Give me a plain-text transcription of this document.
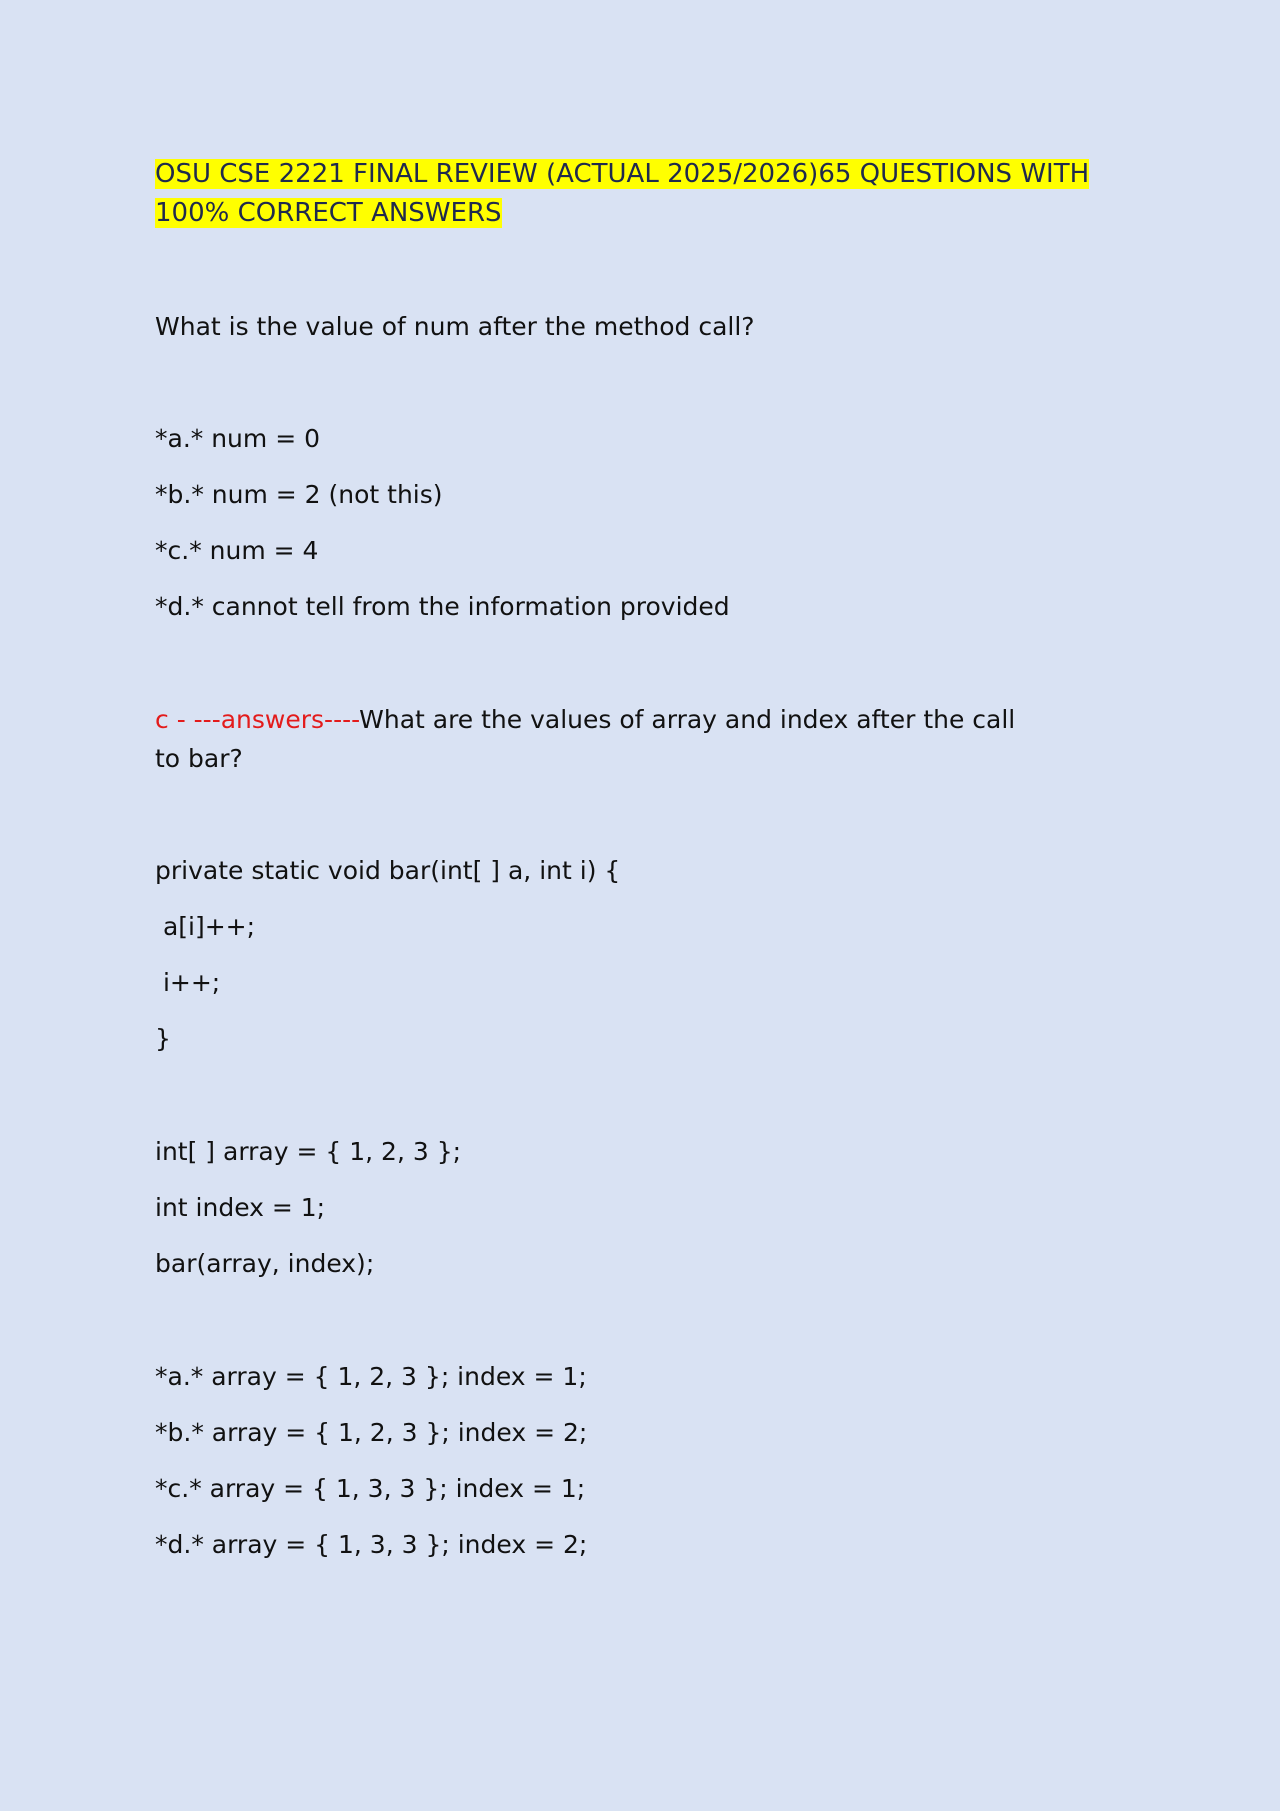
OSU CSE 2221 FINAL REVIEW (ACTUAL 2025/2026)65 QUESTIONS WITH
100% CORRECT ANSWERS
What is the value of num after the method call?
*a.* num = 0
*b.* num = 2 (not this)
*c.* num = 4
*d.* cannot tell from the information provided
c - ---answers----What are the values of array and index after the call
to bar?
private static void bar(int[ ] a, int i) {
a[i]++;
i++;
}
int[ ] array = { 1, 2, 3 };
int index = 1;
bar(array, index);
*a.* array = { 1, 2, 3 }; index = 1;
*b.* array = { 1, 2, 3 }; index = 2;
*c.* array = { 1, 3, 3 }; index = 1;
*d.* array = { 1, 3, 3 }; index = 2;
